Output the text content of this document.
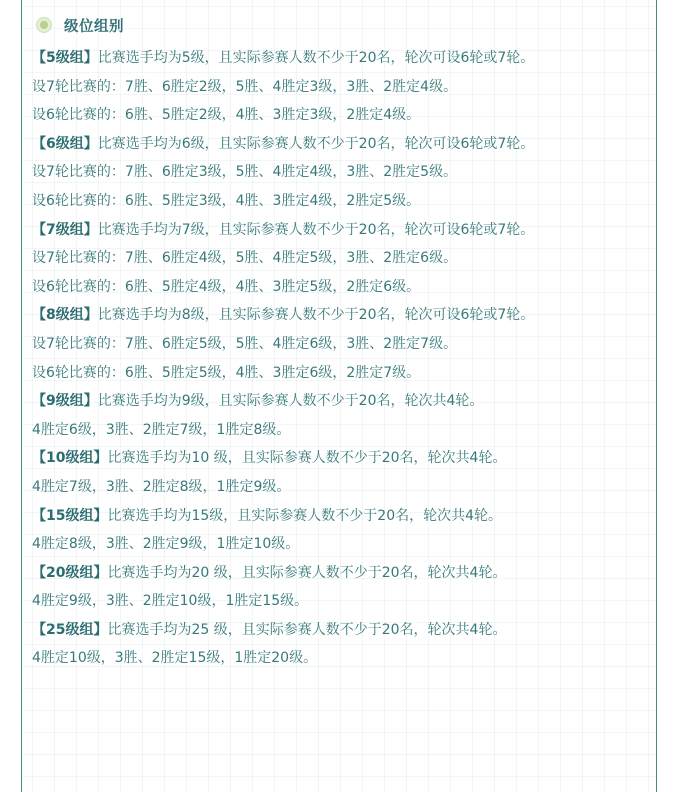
级位组别

【5级组】比赛选手均为5级，且实际参赛人数不少于20名，轮次可设6轮或7轮。

设7轮比赛的：7胜、6胜定2级，5胜、4胜定3级，3胜、2胜定4级。

设6轮比赛的：6胜、5胜定2级，4胜、3胜定3级，2胜定4级。

【6级组】比赛选手均为6级，且实际参赛人数不少于20名，轮次可设6轮或7轮。

设7轮比赛的：7胜、6胜定3级，5胜、4胜定4级，3胜、2胜定5级。

设6轮比赛的：6胜、5胜定3级，4胜、3胜定4级，2胜定5级。

【7级组】比赛选手均为7级，且实际参赛人数不少于20名，轮次可设6轮或7轮。

设7轮比赛的：7胜、6胜定4级，5胜、4胜定5级，3胜、2胜定6级。

设6轮比赛的：6胜、5胜定4级，4胜、3胜定5级，2胜定6级。

【8级组】比赛选手均为8级，且实际参赛人数不少于20名，轮次可设6轮或7轮。

设7轮比赛的：7胜、6胜定5级，5胜、4胜定6级，3胜、2胜定7级。

设6轮比赛的：6胜、5胜定5级，4胜、3胜定6级，2胜定7级。

【9级组】比赛选手均为9级，且实际参赛人数不少于20名，轮次共4轮。

4胜定6级，3胜、2胜定7级，1胜定8级。

【10级组】比赛选手均为10 级，且实际参赛人数不少于20名，轮次共4轮。

4胜定7级，3胜、2胜定8级，1胜定9级。

【15级组】比赛选手均为15级，且实际参赛人数不少于20名，轮次共4轮。

4胜定8级，3胜、2胜定9级，1胜定10级。

【20级组】比赛选手均为20 级，且实际参赛人数不少于20名，轮次共4轮。

4胜定9级，3胜、2胜定10级，1胜定15级。

【25级组】比赛选手均为25 级，且实际参赛人数不少于20名，轮次共4轮。

4胜定10级，3胜、2胜定15级，1胜定20级。
